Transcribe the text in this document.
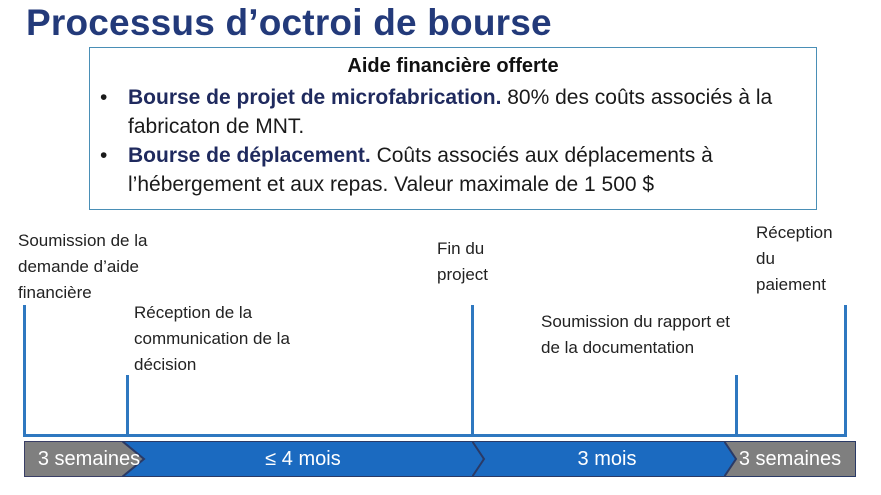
Processus d’octroi de bourse
Aide financière offerte
• Bourse de projet de microfabrication. 80% des coûts associés à la fabricaton de MNT.
• Bourse de déplacement. Coûts associés aux déplacements à l’hébergement et aux repas. Valeur maximale de 1 500 $
Soumission de la
demande d’aide
financière
Réception de la
communication de la
décision
Fin du
project
Soumission du rapport et
de la documentation
Réception
du
paiement
3 semaines	≤ 4 mois	3 mois	3 semaines
